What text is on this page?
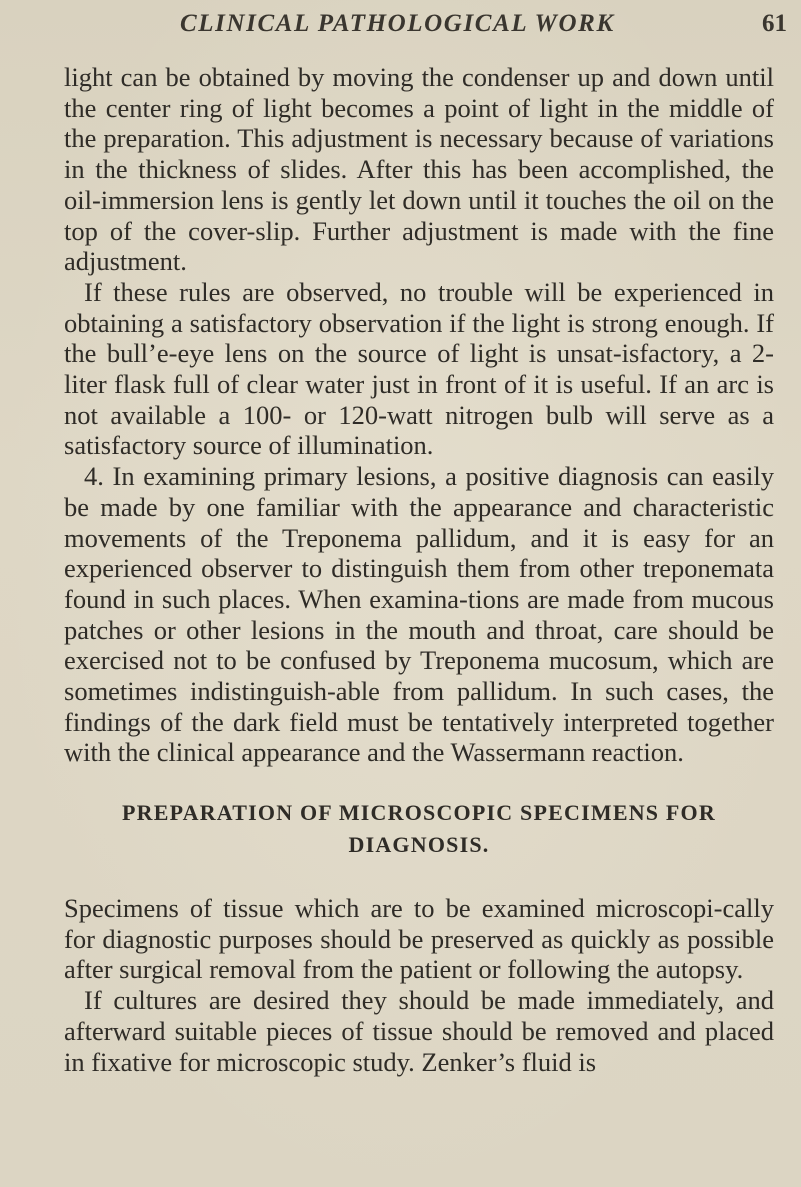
CLINICAL PATHOLOGICAL WORK	61

light can be obtained by moving the condenser up and down until the center ring of light becomes a point of light in the middle of the preparation. This adjustment is necessary because of variations in the thickness of slides. After this has been accomplished, the oil-immersion lens is gently let down until it touches the oil on the top of the cover-slip. Further adjustment is made with the fine adjustment.

If these rules are observed, no trouble will be experienced in obtaining a satisfactory observation if the light is strong enough. If the bull’e-eye lens on the source of light is unsat-isfactory, a 2-liter flask full of clear water just in front of it is useful. If an arc is not available a 100- or 120-watt nitrogen bulb will serve as a satisfactory source of illumination.

4. In examining primary lesions, a positive diagnosis can easily be made by one familiar with the appearance and characteristic movements of the Treponema pallidum, and it is easy for an experienced observer to distinguish them from other treponemata found in such places. When examina-tions are made from mucous patches or other lesions in the mouth and throat, care should be exercised not to be confused by Treponema mucosum, which are sometimes indistinguish-able from pallidum. In such cases, the findings of the dark field must be tentatively interpreted together with the clinical appearance and the Wassermann reaction.

PREPARATION OF MICROSCOPIC SPECIMENS FOR DIAGNOSIS.

Specimens of tissue which are to be examined microscopi-cally for diagnostic purposes should be preserved as quickly as possible after surgical removal from the patient or following the autopsy.

If cultures are desired they should be made immediately, and afterward suitable pieces of tissue should be removed and placed in fixative for microscopic study. Zenker’s fluid is
